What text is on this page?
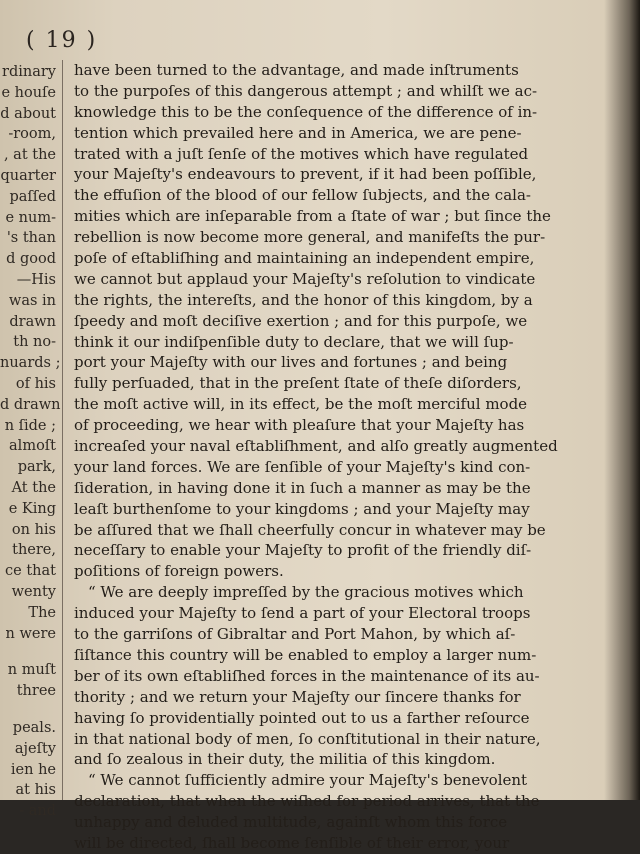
( 19 )
rdinary
e houſe
d about
-room,
, at the
quarter
paſſed
e num-
's than
d good
—His
was in
drawn
th no-
nuards ;
of his
d drawn
n ſide ;
almoſt
park,
At the
e King
on his
there,
ce that
wenty
The
n were
n muſt
three
peals.
ajeſty
ien he
at his
- and
have been turned to the advantage, and made inſtruments
to the purpoſes of this dangerous attempt ; and whilſt we ac-
knowledge this to be the conſequence of the difference of in-
tention which prevailed here and in America, we are pene-
trated with a juſt ſenſe of the motives which have regulated
your Majeſty's endeavours to prevent, if it had been poſſible,
the effuſion of the blood of our fellow ſubjects, and the cala-
mities which are inſeparable from a ſtate of war ; but ſince the
rebellion is now become more general, and manifeſts the pur-
poſe of eſtabliſhing and maintaining an independent empire,
we cannot but applaud your Majeſty's reſolution to vindicate
the rights, the intereſts, and the honor of this kingdom, by a
ſpeedy and moſt deciſive exertion ; and for this purpoſe, we
think it our indiſpenſible duty to declare, that we will ſup-
port your Majeſty with our lives and fortunes ; and being
fully perſuaded, that in the preſent ſtate of theſe diſorders,
the moſt active will, in its effect, be the moſt merciful mode
of proceeding, we hear with pleaſure that your Majeſty has
increaſed your naval eſtabliſhment, and alſo greatly augmented
your land forces. We are ſenſible of your Majeſty's kind con-
ſideration, in having done it in ſuch a manner as may be the
leaſt burthenſome to your kingdoms ; and your Majeſty may
be aſſured that we ſhall cheerfully concur in whatever may be
neceſſary to enable your Majeſty to profit of the friendly diſ-
poſitions of foreign powers.
“ We are deeply impreſſed by the gracious motives which
induced your Majeſty to ſend a part of your Electoral troops
to the garriſons of Gibraltar and Port Mahon, by which aſ-
ſiſtance this country will be enabled to employ a larger num-
ber of its own eſtabliſhed forces in the maintenance of its au-
thority ; and we return your Majeſty our ſincere thanks for
having ſo providentially pointed out to us a farther reſource
in that national body of men, ſo conſtitutional in their nature,
and ſo zealous in their duty, the militia of this kingdom.
“ We cannot ſufficiently admire your Majeſty's benevolent
declaration, that when the wiſhed for period arrives, that the
unhappy and deluded multitude, againſt whom this force
will be directed, ſhall become ſenſible of their error, your
